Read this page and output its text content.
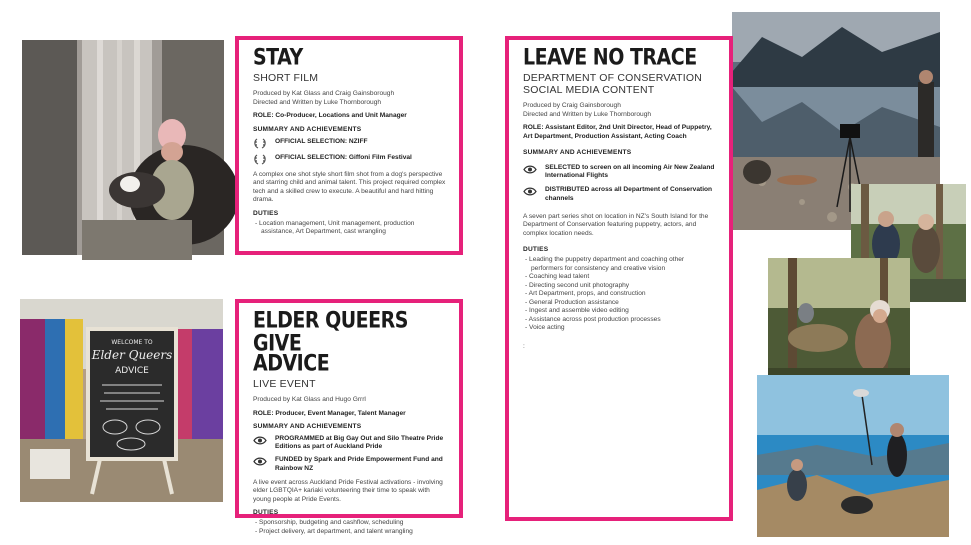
WELCOME TO
Elder Queers
ADVICE
STAY
SHORT FILM
Produced by Kat Glass and Craig Gainsborough
Directed and Written by Luke Thornborough
ROLE: Co-Producer, Locations and Unit Manager
SUMMARY AND ACHIEVEMENTS
OFFICIAL SELECTION: NZIFF
OFFICIAL SELECTION: Giffoni Film Festival
A complex one shot style short film shot from a dog's perspective and starring child and animal talent. This project required complex tech and a skilled crew to execute. A beautiful and hard hitting drama.
DUTIES
- Location management, Unit management, production assistance, Art Department, cast wrangling
ELDER QUEERS GIVE
ADVICE
LIVE EVENT
Produced by Kat Glass and Hugo Grrrl
ROLE: Producer, Event Manager, Talent Manager
SUMMARY AND ACHIEVEMENTS
PROGRAMMED at Big Gay Out and Silo Theatre Pride Editions as part of Auckland Pride
FUNDED by Spark and Pride Empowerment Fund and Rainbow NZ
A live event across Auckland Pride Festival activations - involving elder LGBTQIA+ kariaki volunteering their time to speak with young people at Pride Events.
DUTIES
- Sponsorship, budgeting and cashflow, scheduling
- Project delivery, art department, and talent wrangling
LEAVE NO TRACE
DEPARTMENT OF CONSERVATION
SOCIAL MEDIA CONTENT
Produced by Craig Gainsborough
Directed and Written by Luke Thornborough
ROLE: Assistant Editor, 2nd Unit Director, Head of Puppetry, Art Department, Production Assistant, Acting Coach
SUMMARY AND ACHIEVEMENTS
SELECTED to screen on all incoming Air New Zealand International Flights
DISTRIBUTED across all Department of Conservation channels
A seven part series shot on location in NZ's South Island for the Department of Conservation featuring puppetry, actors, and complex location needs.
DUTIES
- Leading the puppetry department and coaching other performers for consistency and creative vision
- Coaching lead talent
- Directing second unit photography
- Art Department, props, and construction
- General Production assistance
- Ingest and assemble video editing
- Assistance across post production processes
- Voice acting
:
